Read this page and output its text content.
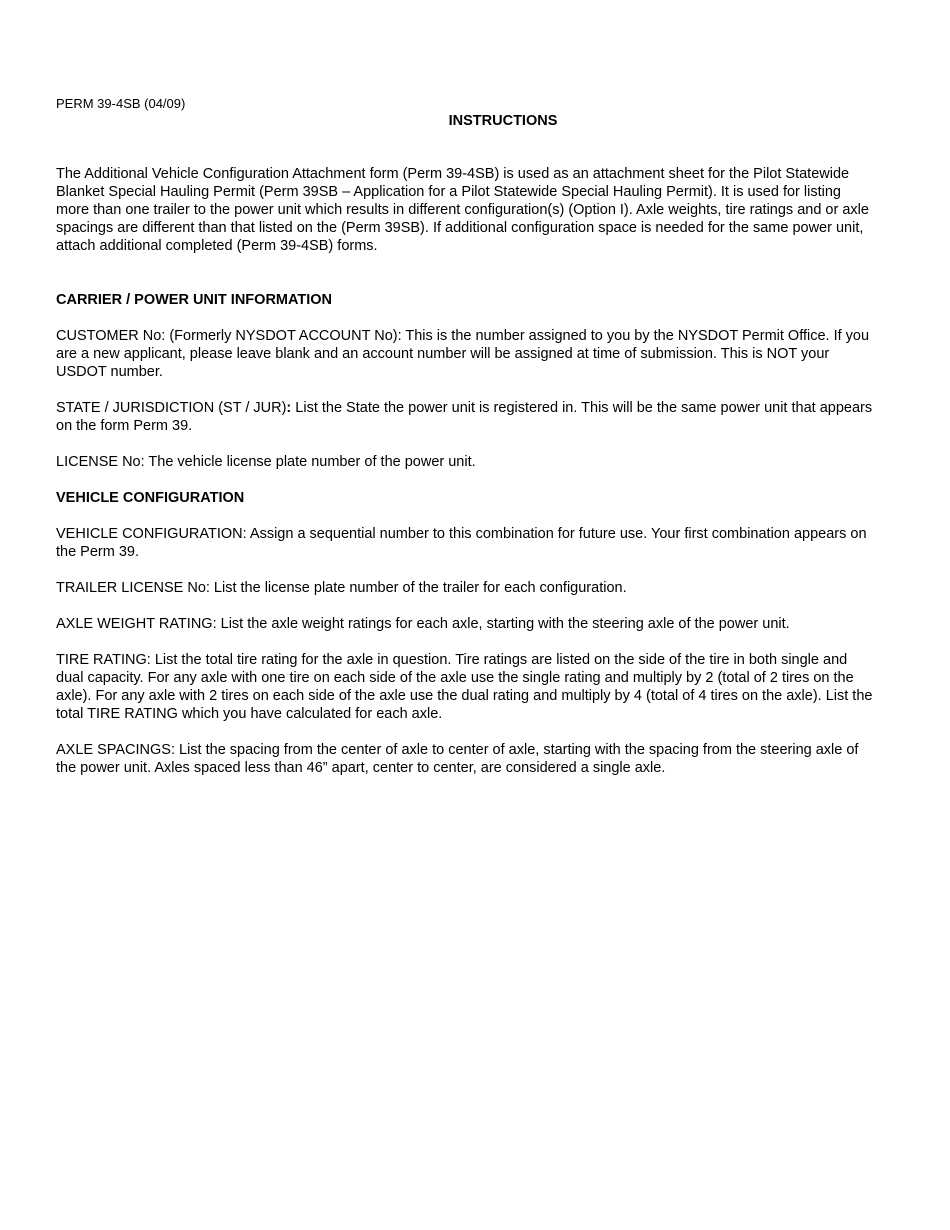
PERM 39-4SB (04/09)
INSTRUCTIONS

The Additional Vehicle Configuration Attachment form (Perm 39-4SB) is used as an attachment sheet for the Pilot Statewide Blanket Special Hauling Permit (Perm 39SB – Application for a Pilot Statewide Special Hauling Permit). It is used for listing more than one trailer to the power unit which results in different configuration(s) (Option I). Axle weights, tire ratings and or axle spacings are different than that listed on the (Perm 39SB). If additional configuration space is needed for the same power unit, attach additional completed (Perm 39-4SB) forms.

CARRIER / POWER UNIT INFORMATION

CUSTOMER No: (Formerly NYSDOT ACCOUNT No): This is the number assigned to you by the NYSDOT Permit Office. If you are a new applicant, please leave blank and an account number will be assigned at time of submission. This is NOT your USDOT number.

STATE / JURISDICTION (ST / JUR): List the State the power unit is registered in. This will be the same power unit that appears on the form Perm 39.

LICENSE No: The vehicle license plate number of the power unit.

VEHICLE CONFIGURATION

VEHICLE CONFIGURATION: Assign a sequential number to this combination for future use. Your first combination appears on the Perm 39.

TRAILER LICENSE No: List the license plate number of the trailer for each configuration.

AXLE WEIGHT RATING: List the axle weight ratings for each axle, starting with the steering axle of the power unit.

TIRE RATING: List the total tire rating for the axle in question. Tire ratings are listed on the side of the tire in both single and dual capacity. For any axle with one tire on each side of the axle use the single rating and multiply by 2 (total of 2 tires on the axle). For any axle with 2 tires on each side of the axle use the dual rating and multiply by 4 (total of 4 tires on the axle). List the total TIRE RATING which you have calculated for each axle.

AXLE SPACINGS: List the spacing from the center of axle to center of axle, starting with the spacing from the steering axle of the power unit. Axles spaced less than 46” apart, center to center, are considered a single axle.
